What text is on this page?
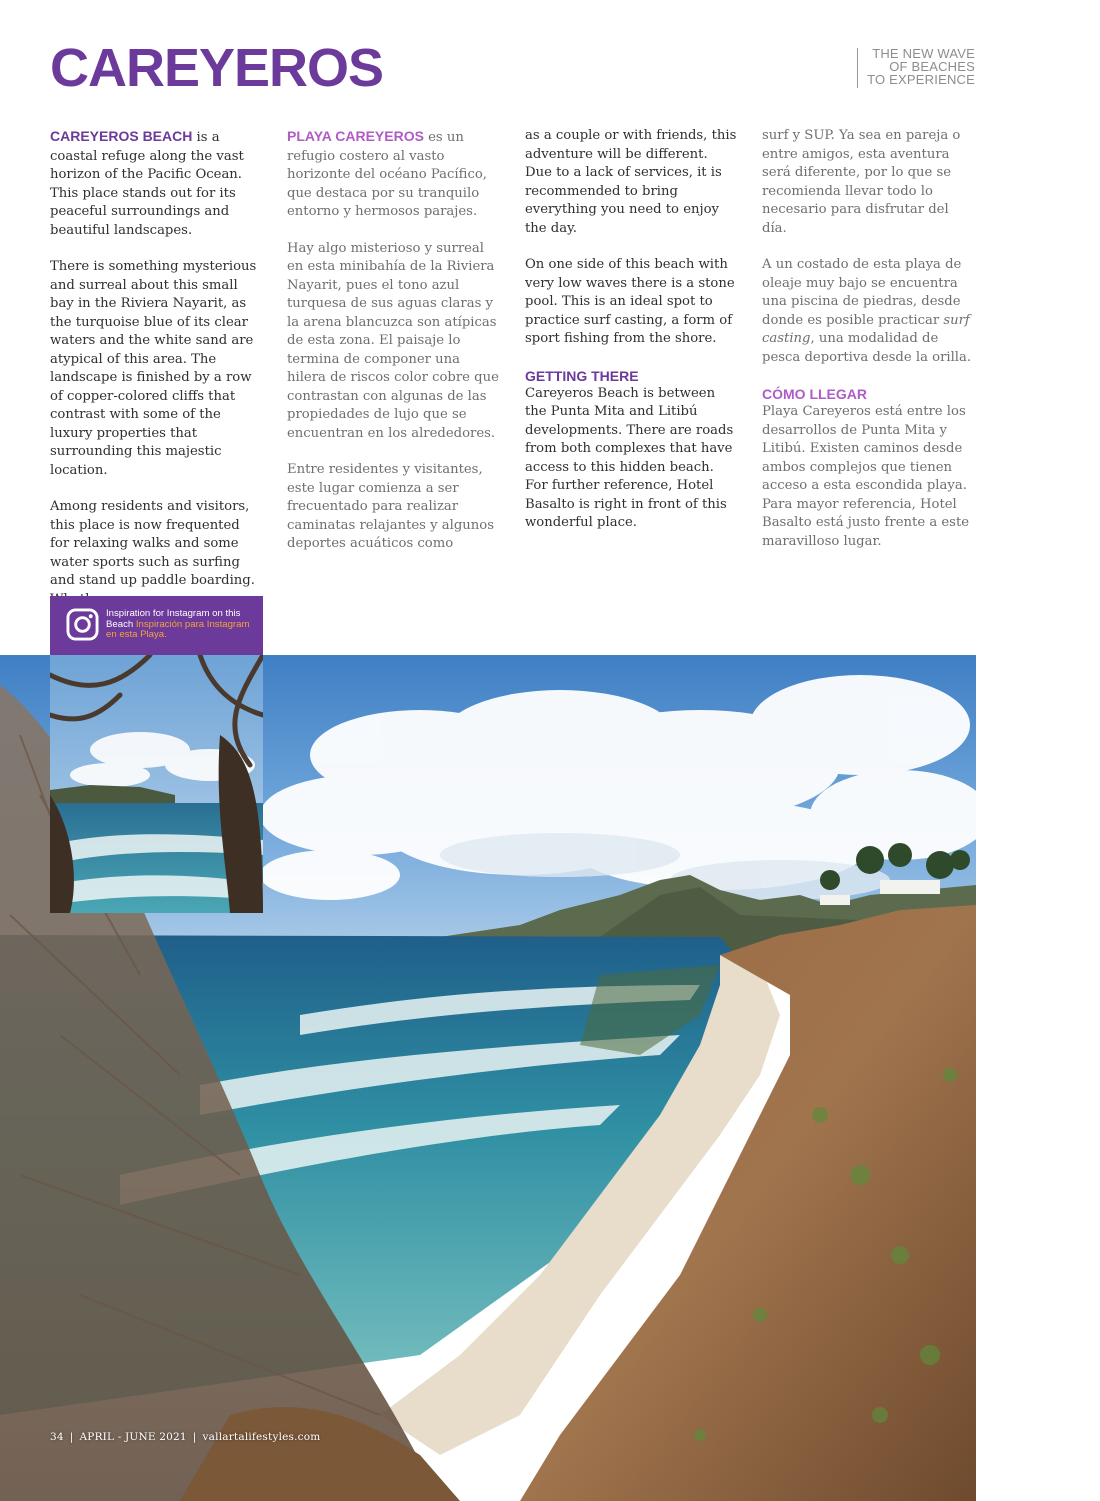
CAREYEROS	THE NEW WAVE
OF BEACHES
TO EXPERIENCE

CAREYEROS BEACH is a coastal refuge along the vast horizon of the Pacific Ocean. This place stands out for its peaceful surroundings and beautiful landscapes.

There is something mysterious and surreal about this small bay in the Riviera Nayarit, as the turquoise blue of its clear waters and the white sand are atypical of this area. The landscape is finished by a row of copper-colored cliffs that contrast with some of the luxury properties that surrounding this majestic location.

Among residents and visitors, this place is now frequented for relaxing walks and some water sports such as surfing and stand up paddle boarding.

PLAYA CAREYEROS es un refugio costero al vasto horizonte del océano Pacífico, que destaca por su tranquilo entorno y hermosos parajes.

Hay algo misterioso y surreal en esta minibahía de la Riviera Nayarit, pues el tono azul turquesa de sus aguas claras y la arena blancuzca son atípicas de esta zona. El paisaje lo termina de componer una hilera de riscos color cobre que contrastan con algunas de las propiedades de lujo que se encuentran en los alrededores.

Entre residentes y visitantes, este lugar comienza a ser frecuentado para realizar caminatas relajantes y algunos deportes acuáticos como

as a couple or with friends, this adventure will be different. Due to a lack of services, it is recommended to bring everything you need to enjoy the day.

On one side of this beach with very low waves there is a stone pool. This is an ideal spot to practice surf casting, a form of sport fishing from the shore.

GETTING THERE

Careyeros Beach is between the Punta Mita and Litibú developments. There are roads from both complexes that have access to this hidden beach. For further reference, Hotel Basalto is right in front of this wonderful place.

surf y SUP. Ya sea en pareja o entre amigos, esta aventura será diferente, por lo que se recomienda llevar todo lo necesario para disfrutar del día.

A un costado de esta playa de oleaje muy bajo se encuentra una piscina de piedras, desde donde es posible practicar surf casting, una modalidad de pesca deportiva desde la orilla.

CÓMO LLEGAR

Playa Careyeros está entre los desarrollos de Punta Mita y Litibú. Existen caminos desde ambos complejos que tienen acceso a esta escondida playa. Para mayor referencia, Hotel Basalto está justo frente a este maravilloso lugar.

Inspiration for Instagram on this Beach Inspiración para Instagram en esta Playa.
34 | APRIL - JUNE 2021 | vallartalifestyles.com
